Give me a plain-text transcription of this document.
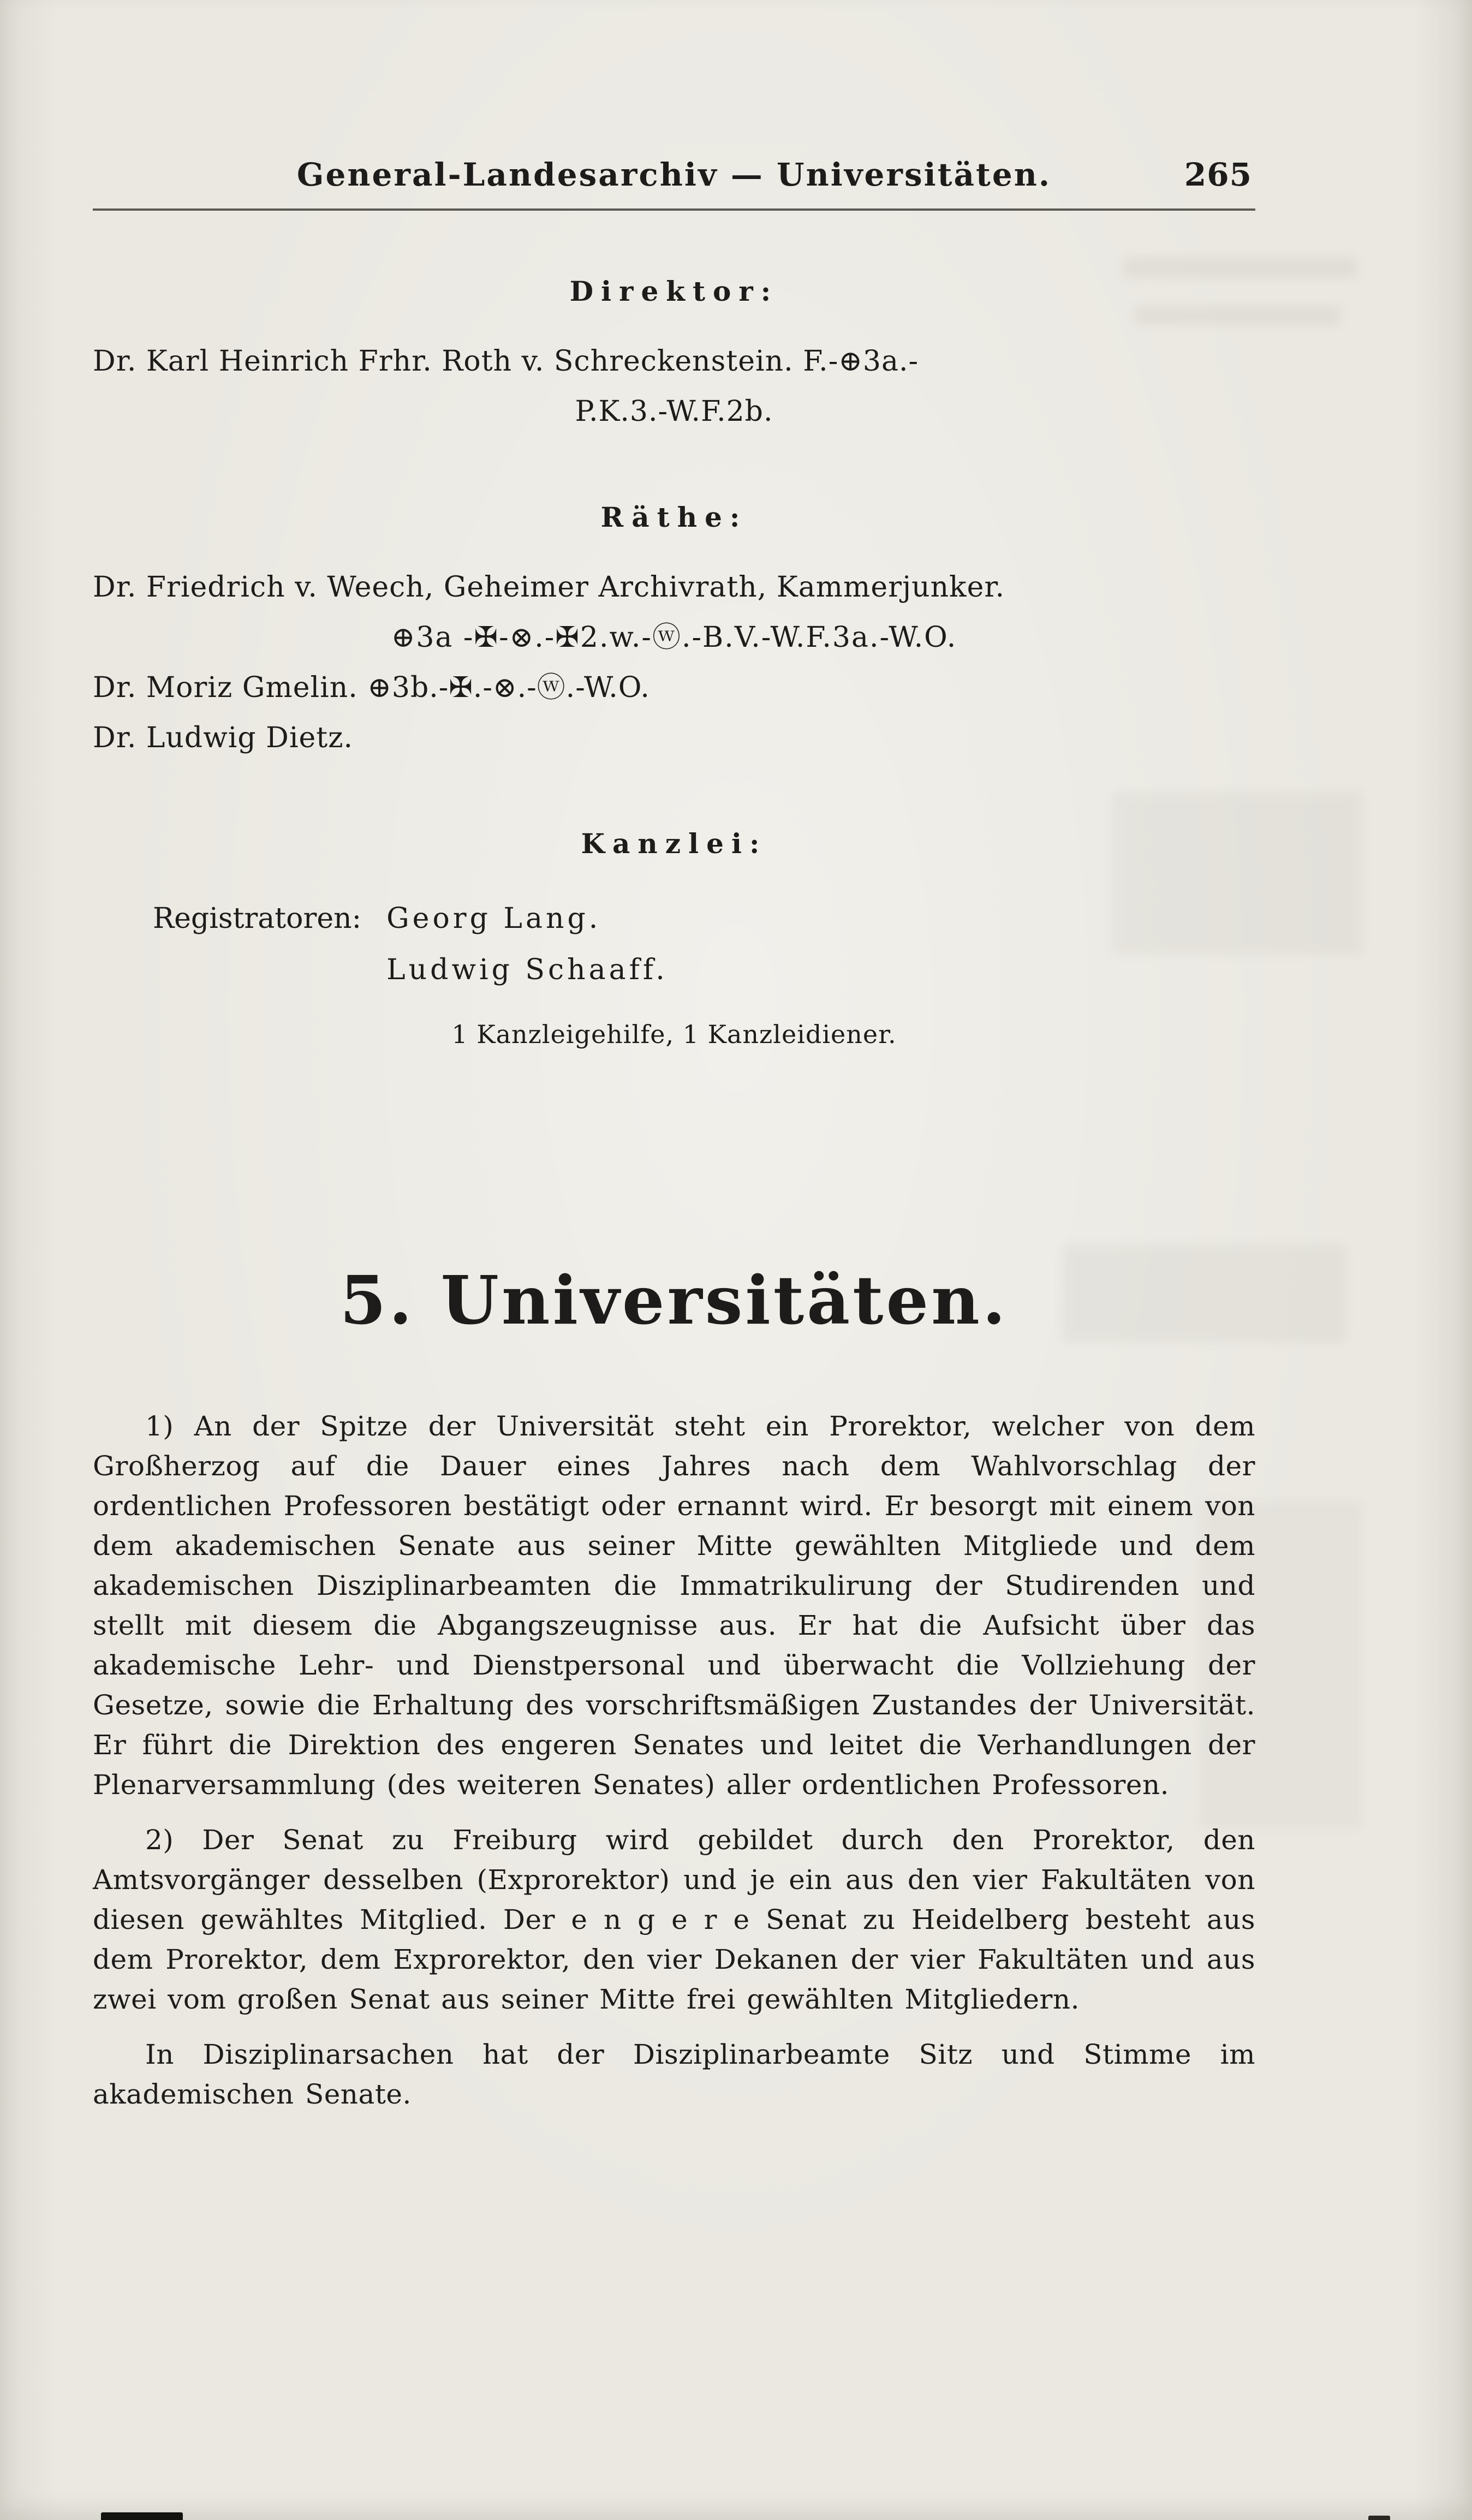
General-Landesarchiv — Universitäten.	265
Direktor:

Dr. Karl Heinrich Frhr. Roth v. Schreckenstein. F.-⊕3a.-

P.K.3.-W.F.2b.

Räthe:

Dr. Friedrich v. Weech, Geheimer Archivrath, Kammerjunker.

⊕3a -✠-⊗.-✠2.w.-ⓦ.-B.V.-W.F.3a.-W.O.

Dr. Moriz Gmelin. ⊕3b.-✠.-⊗.-ⓦ.-W.O.

Dr. Ludwig Dietz.

Kanzlei:
Registratoren: Georg Lang.
Ludwig Schaaff.

1 Kanzleigehilfe, 1 Kanzleidiener.

5. Universitäten.

1) An der Spitze der Universität steht ein Prorektor, welcher von dem Großherzog auf die Dauer eines Jahres nach dem Wahlvorschlag der ordentlichen Professoren bestätigt oder ernannt wird. Er besorgt mit einem von dem akademischen Senate aus seiner Mitte gewählten Mitgliede und dem akademischen Disziplinarbeamten die Immatrikulirung der Studirenden und stellt mit diesem die Abgangszeugnisse aus. Er hat die Aufsicht über das akademische Lehr- und Dienstpersonal und überwacht die Vollziehung der Gesetze, sowie die Erhaltung des vorschriftsmäßigen Zustandes der Universität. Er führt die Direktion des engeren Senates und leitet die Verhandlungen der Plenarversammlung (des weiteren Senates) aller ordentlichen Professoren.

2) Der Senat zu Freiburg wird gebildet durch den Prorektor, den Amtsvorgänger desselben (Exprorektor) und je ein aus den vier Fakultäten von diesen gewähltes Mitglied. Der e n g e r e Senat zu Heidelberg besteht aus dem Prorektor, dem Exprorektor, den vier Dekanen der vier Fakultäten und aus zwei vom großen Senat aus seiner Mitte frei gewählten Mitgliedern.

In Disziplinarsachen hat der Disziplinarbeamte Sitz und Stimme im akademischen Senate.
